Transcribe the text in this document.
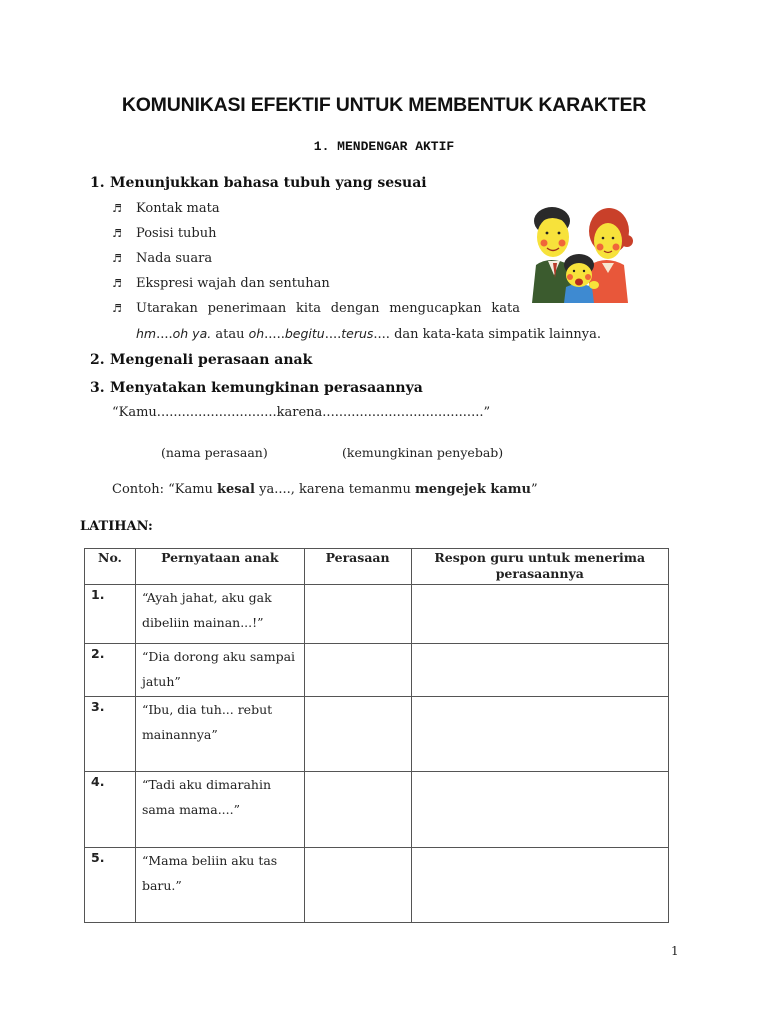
KOMUNIKASI EFEKTIF UNTUK MEMBENTUK KARAKTER
1. MENDENGAR AKTIF
1. Menunjukkan bahasa tubuh yang sesuai
♬ Kontak mata
♬ Posisi tubuh
♬ Nada suara
♬ Ekspresi wajah dan sentuhan
♬	Utarakan penerimaan kita dengan mengucapkan kata
hm....oh ya. atau oh.....begitu....terus.... dan kata-kata simpatik lainnya.
2. Mengenali perasaan anak
3. Menyatakan kemungkinan perasaannya
“Kamu.............................karena.......................................”
(nama perasaan)	(kemungkinan penyebab)
Contoh: “Kamu kesal ya...., karena temanmu mengejek kamu”
LATIHAN:
No.	Pernyataan anak	Perasaan	Respon guru untuk menerima perasaannya
1.	“Ayah jahat, aku gak dibeliin mainan...!”		
2.	“Dia dorong aku sampai jatuh”		
3.	“Ibu, dia tuh... rebut mainannya”		
4.	“Tadi aku dimarahin sama mama....”		
5.	“Mama beliin aku tas baru.”		
1
